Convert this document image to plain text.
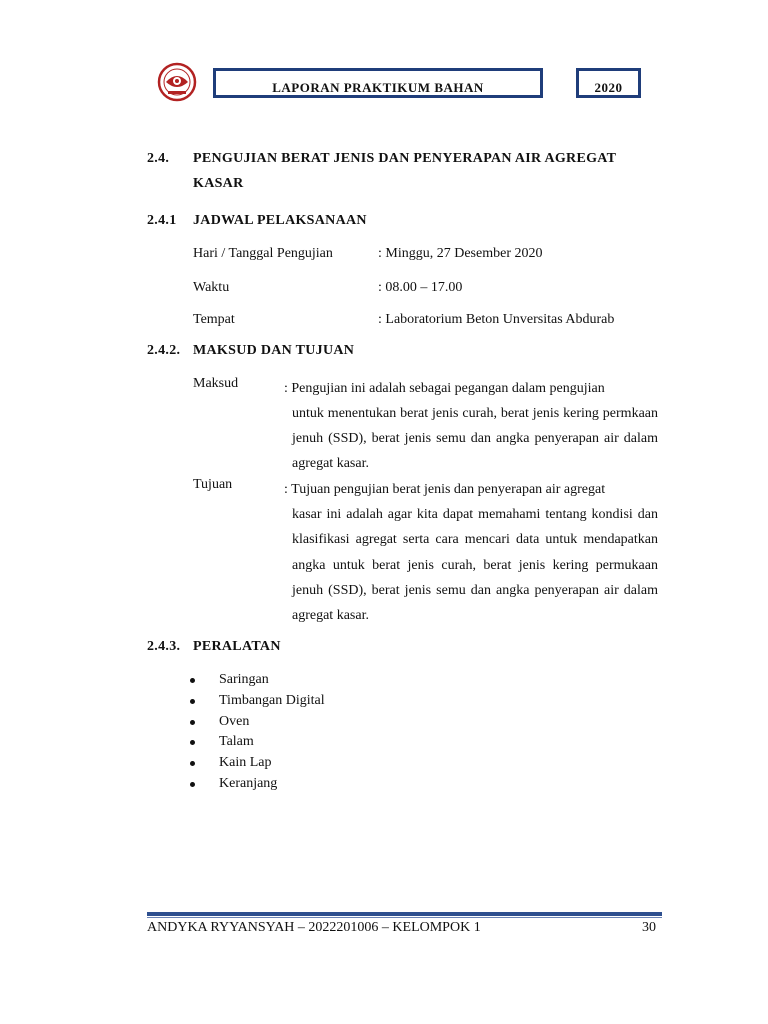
LAPORAN PRAKTIKUM BAHAN	2020
2.4. PENGUJIAN BERAT JENIS DAN PENYERAPAN AIR AGREGAT
KASAR
2.4.1 JADWAL PELAKSANAAN
Hari / Tanggal Pengujian	: Minggu, 27 Desember 2020
Waktu	: 08.00 – 17.00
Tempat	: Laboratorium Beton Unversitas Abdurab
2.4.2. MAKSUD DAN TUJUAN
Maksud	: Pengujian ini adalah sebagai pegangan dalam pengujian
untuk menentukan berat jenis curah, berat jenis kering permkaan jenuh (SSD), berat jenis semu dan angka penyerapan air dalam agregat kasar.
Tujuan	: Tujuan pengujian berat jenis dan penyerapan air agregat
kasar ini adalah agar kita dapat memahami tentang kondisi dan klasifikasi agregat serta cara mencari data untuk mendapatkan angka untuk berat jenis curah, berat jenis kering permukaan jenuh (SSD), berat jenis semu dan angka penyerapan air dalam agregat kasar.
2.4.3. PERALATAN
Saringan
Timbangan Digital
Oven
Talam
Kain Lap
Keranjang
ANDYKA RYYANSYAH – 2022201006 – KELOMPOK 1	30
